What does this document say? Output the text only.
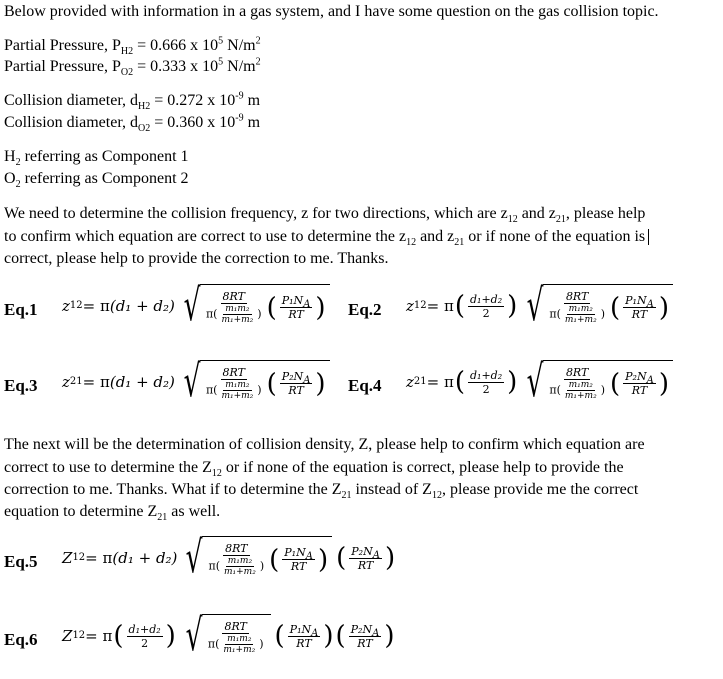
Below provided with information in a gas system, and I have some question on the gas collision topic.
Partial Pressure, $P_{H2} = 0.666$ x $10^5$ $N/m^2$
Partial Pressure, $P_{O2} = 0.333$ x $10^5$ $N/m^2$
Collision diameter, $d_{H2} = 0.272$ x $10^{-9}$ m
Collision diameter, $d_{O2} = 0.360$ x $10^{-9}$ m
$H_2$ referring as Component 1
$O_2$ referring as Component 2
We need to determine the collision frequency, z for two directions, which are $z_{12}$ and $z_{21}$, please help
to confirm which equation are correct to use to determine the $z_{12}$ and $z_{21}$ or if none of the equation is
correct, please help to provide the correction to me. Thanks.
Eq.1 z 12 = π (d₁ + d₂) √ $\frac{8RT}{\pi( \frac{\text{m₁m₂}}{\text{m₁+m₂}} )}$ ( $\frac{P_1N_A}{RT}$ ) Eq.2 z 12 = π ( $\frac{\text{d₁+d₂}}{2}$ ) √ $\frac{8RT}{\pi( \frac{\text{m₁m₂}}{\text{m₁+m₂}} )}$ ( $\frac{P_1N_A}{RT}$ )
Eq.3 z 21 = π (d₁ + d₂) √ $\frac{8RT}{\pi( \frac{\text{m₁m₂}}{\text{m₁+m₂}} )}$ ( $\frac{P_2N_A}{RT}$ ) Eq.4 z 21 = π ( $\frac{\text{d₁+d₂}}{2}$ ) √ $\frac{8RT}{\pi( \frac{\text{m₁m₂}}{\text{m₁+m₂}} )}$ ( $\frac{P_2N_A}{RT}$ )
The next will be the determination of collision density, Z, please help to confirm which equation are
correct to use to determine the $Z_{12}$ or if none of the equation is correct, please help to provide the
correction to me. Thanks. What if to determine the $Z_{21}$ instead of $Z_{12}$, please provide me the correct
equation to determine $Z_{21}$ as well.
Eq.5 Z 12 = π (d₁ + d₂) √ $\frac{8RT}{\pi( \frac{\text{m₁m₂}}{\text{m₁+m₂}} )}$ ( $\frac{P_1N_A}{RT}$ ) ( $\frac{P_2N_A}{RT}$ )
Eq.6 Z 12 = π ( $\frac{\text{d₁+d₂}}{2}$ ) √ $\frac{8RT}{\pi( \frac{\text{m₁m₂}}{\text{m₁+m₂}} )}$ ( $\frac{P_1N_A}{RT}$ ) ( $\frac{P_2N_A}{RT}$ )
